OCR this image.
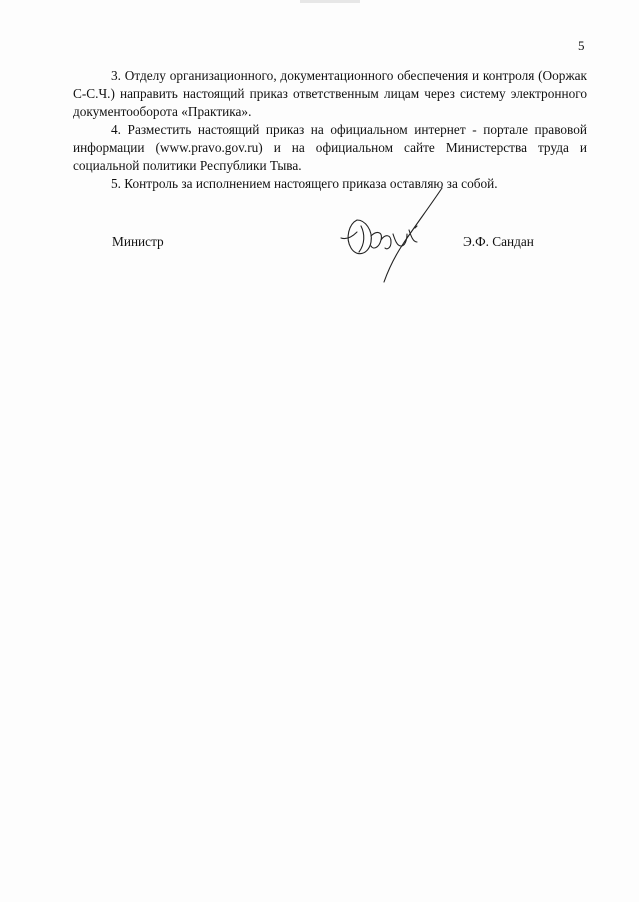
5

3. Отделу организационного, документационного обеспечения и контроля (Ооржак С-С.Ч.) направить настоящий приказ ответственным лицам через систему электронного документооборота «Практика».

4. Разместить настоящий приказ на официальном интернет - портале правовой информации (www.pravo.gov.ru) и на официальном сайте Министерства труда и социальной политики Республики Тыва.

5. Контроль за исполнением настоящего приказа оставляю за собой.

Министр	Э.Ф. Сандан
